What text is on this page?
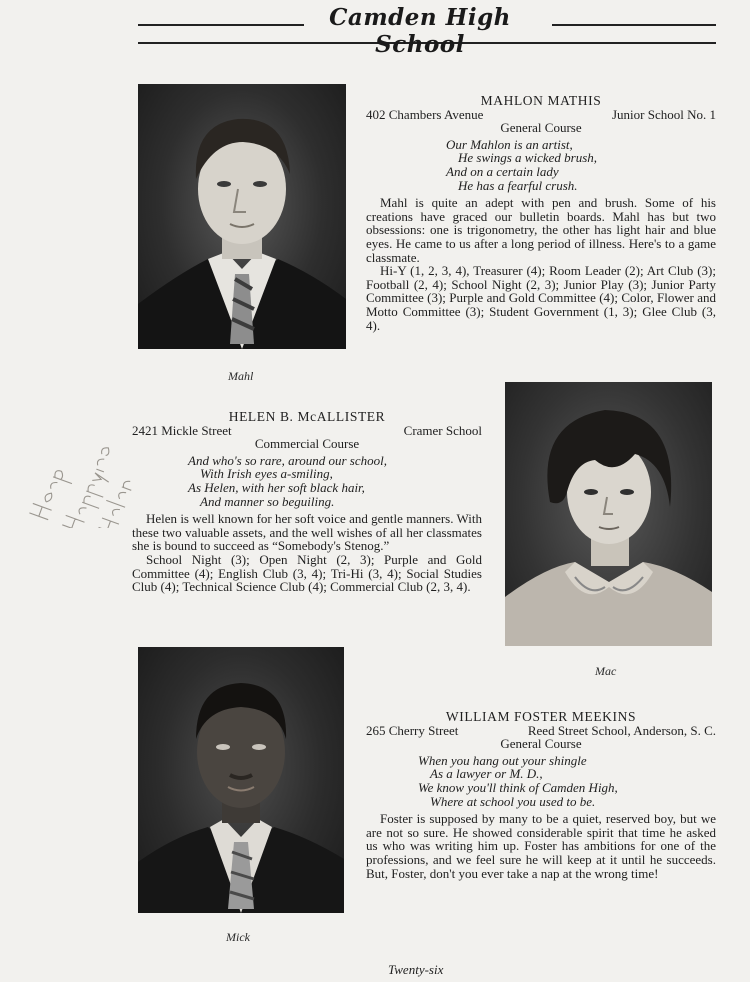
Camden High School
Mahl
MAHLON MATHIS
402 Chambers Avenue	Junior School No. 1
General Course
Our Mahlon is an artist,
He swings a wicked brush,
And on a certain lady
He has a fearful crush.

Mahl is quite an adept with pen and brush. Some of his creations have graced our bulletin boards. Mahl has but two obsessions: one is trigonometry, the other has light hair and blue eyes. He came to us after a long period of illness. Here's to a game classmate.

Hi-Y (1, 2, 3, 4), Treasurer (4); Room Leader (2); Art Club (3); Football (2, 4); School Night (2, 3); Junior Play (3); Junior Party Committee (3); Purple and Gold Committee (4); Color, Flower and Motto Committee (3); Student Government (1, 3); Glee Club (3, 4).

HELEN B. McALLISTER
2421 Mickle Street	Cramer School
Commercial Course
And who's so rare, around our school,
With Irish eyes a-smiling,
As Helen, with her soft black hair,
And manner so beguiling.

Helen is well known for her soft voice and gentle manners. With these two valuable assets, and the well wishes of all her classmates she is bound to succeed as “Somebody's Stenog.”

School Night (3); Open Night (2, 3); Purple and Gold Committee (4); English Club (3, 4); Tri-Hi (3, 4); Social Studies Club (4); Technical Science Club (4); Commercial Club (2, 3, 4).

Mac
Mick
WILLIAM FOSTER MEEKINS
265 Cherry Street	Reed Street School, Anderson, S. C.
General Course
When you hang out your shingle
As a lawyer or M. D.,
We know you'll think of Camden High,
Where at school you used to be.

Foster is supposed by many to be a quiet, reserved boy, but we are not so sure. He showed considerable spirit that time he asked us who was writing him up. Foster has ambitions for one of the professions, and we feel sure he will keep at it until he succeeds. But, Foster, don't you ever take a nap at the wrong time!

Twenty-six
